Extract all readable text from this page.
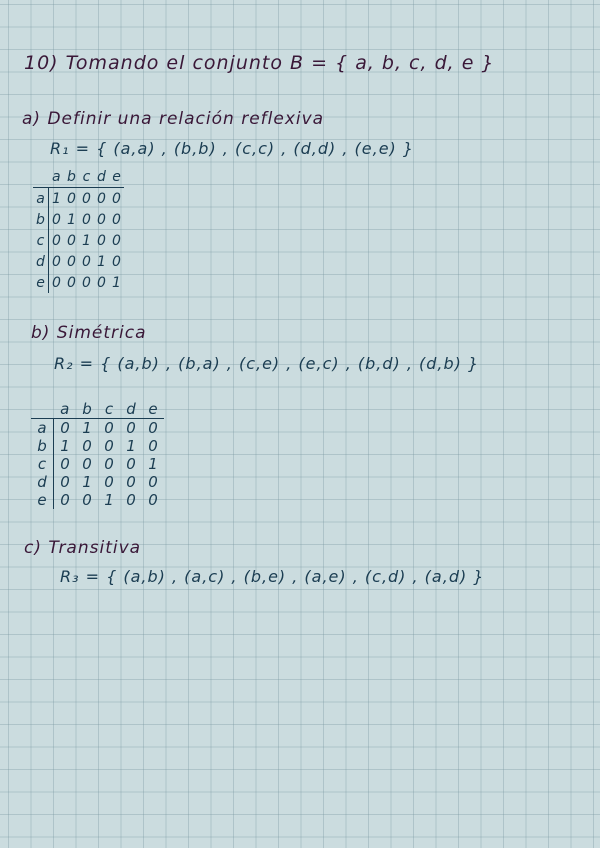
10) Tomando el conjunto B = { a, b, c, d, e }
a) Definir una relación reflexiva
R₁ = { (a,a) , (b,b) , (c,c) , (d,d) , (e,e) }
	a	b	c	d	e
a	1	0	0	0	0
b	0	1	0	0	0
c	0	0	1	0	0
d	0	0	0	1	0
e	0	0	0	0	1
b) Simétrica
R₂ = { (a,b) , (b,a) , (c,e) , (e,c) , (b,d) , (d,b) }
	a	b	c	d	e
a	0	1	0	0	0
b	1	0	0	1	0
c	0	0	0	0	1
d	0	1	0	0	0
e	0	0	1	0	0
c) Transitiva
R₃ = { (a,b) , (a,c) , (b,e) , (a,e) , (c,d) , (a,d) }
